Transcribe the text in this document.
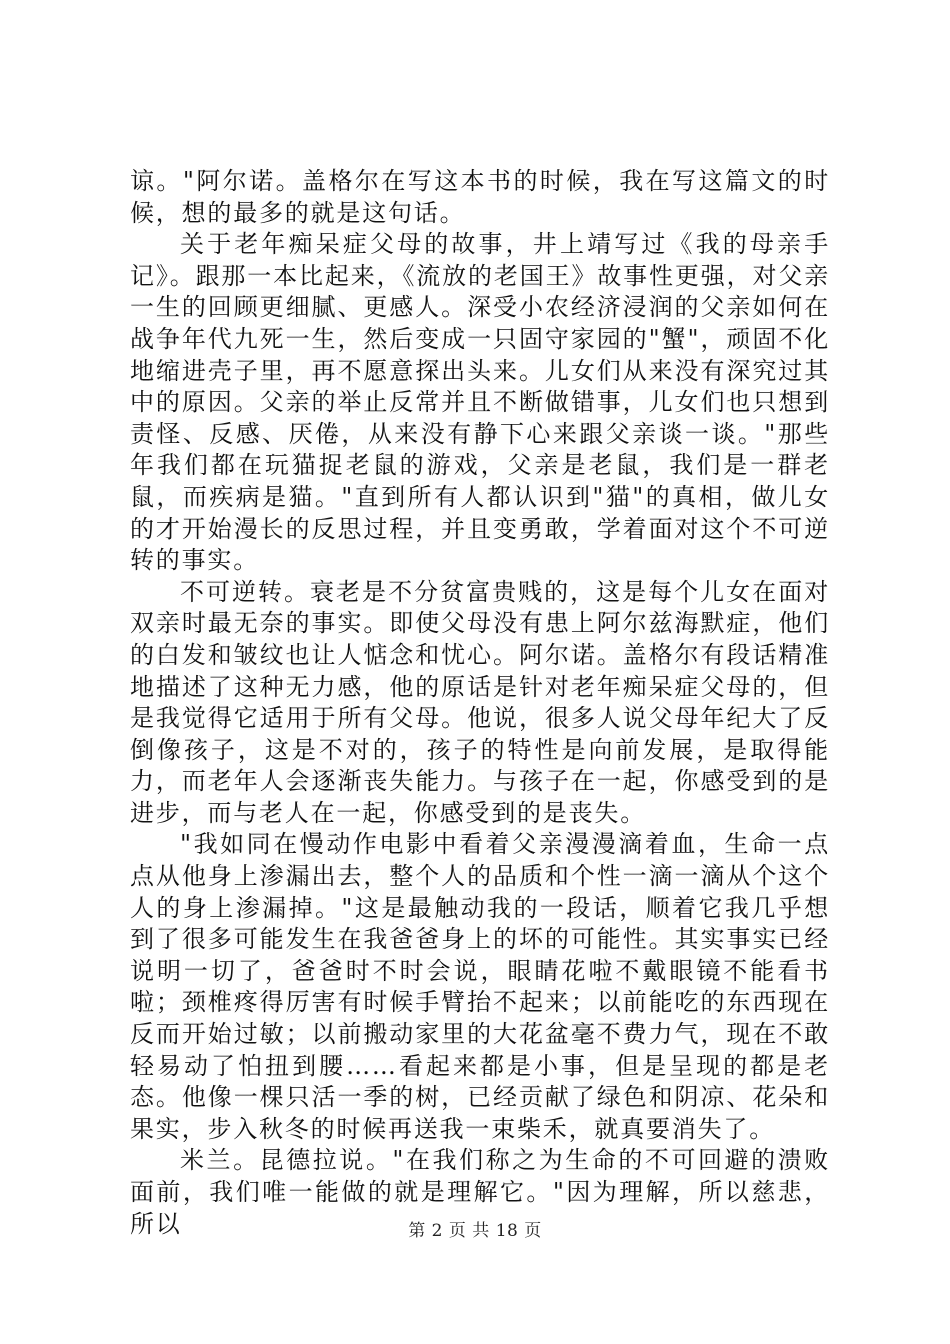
谅。"阿尔诺。盖格尔在写这本书的时候，我在写这篇文的时候，想的最多的就是这句话。

关于老年痴呆症父母的故事，井上靖写过《我的母亲手记》。跟那一本比起来，《流放的老国王》故事性更强，对父亲一生的回顾更细腻、更感人。深受小农经济浸润的父亲如何在战争年代九死一生，然后变成一只固守家园的"蟹"，顽固不化地缩进壳子里，再不愿意探出头来。儿女们从来没有深究过其中的原因。父亲的举止反常并且不断做错事，儿女们也只想到责怪、反感、厌倦，从来没有静下心来跟父亲谈一谈。"那些年我们都在玩猫捉老鼠的游戏，父亲是老鼠，我们是一群老鼠，而疾病是猫。"直到所有人都认识到"猫"的真相，做儿女的才开始漫长的反思过程，并且变勇敢，学着面对这个不可逆转的事实。

不可逆转。衰老是不分贫富贵贱的，这是每个儿女在面对双亲时最无奈的事实。即使父母没有患上阿尔兹海默症，他们的白发和皱纹也让人惦念和忧心。阿尔诺。盖格尔有段话精准地描述了这种无力感，他的原话是针对老年痴呆症父母的，但是我觉得它适用于所有父母。他说，很多人说父母年纪大了反倒像孩子，这是不对的，孩子的特性是向前发展，是取得能力，而老年人会逐渐丧失能力。与孩子在一起，你感受到的是进步，而与老人在一起，你感受到的是丧失。

"我如同在慢动作电影中看着父亲漫漫滴着血，生命一点点从他身上渗漏出去，整个人的品质和个性一滴一滴从个这个人的身上渗漏掉。"这是最触动我的一段话，顺着它我几乎想到了很多可能发生在我爸爸身上的坏的可能性。其实事实已经说明一切了，爸爸时不时会说，眼睛花啦不戴眼镜不能看书啦；颈椎疼得厉害有时候手臂抬不起来；以前能吃的东西现在反而开始过敏；以前搬动家里的大花盆毫不费力气，现在不敢轻易动了怕扭到腰……看起来都是小事，但是呈现的都是老态。他像一棵只活一季的树，已经贡献了绿色和阴凉、花朵和果实，步入秋冬的时候再送我一束柴禾，就真要消失了。

米兰。昆德拉说。"在我们称之为生命的不可回避的溃败面前，我们唯一能做的就是理解它。"因为理解，所以慈悲，所以	第 2 页 共 18 页
